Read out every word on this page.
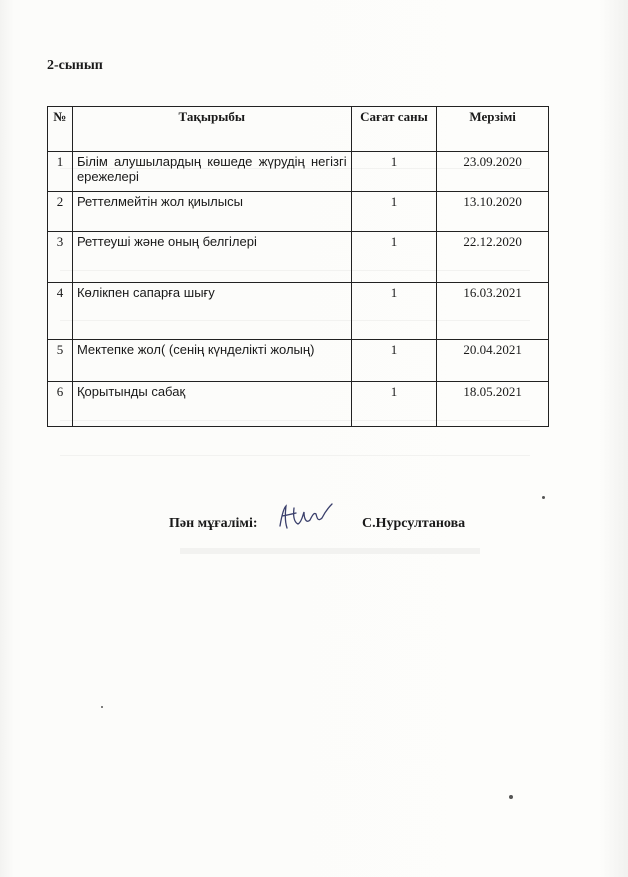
2-сынып
№	Тақырыбы	Сағат саны	Мерзімі
1	Білім алушылардың көшеде жүрудің негізгі ережелері	1	23.09.2020
2	Реттелмейтін жол қиылысы	1	13.10.2020
3	Реттеуші және оның белгілері	1	22.12.2020
4	Көлікпен сапарға шығу	1	16.03.2021
5	Мектепке жол( (сенің күнделікті жолың)	1	20.04.2021
6	Қорытынды сабақ	1	18.05.2021
Пән мұғалімі:	С.Нурсултанова
